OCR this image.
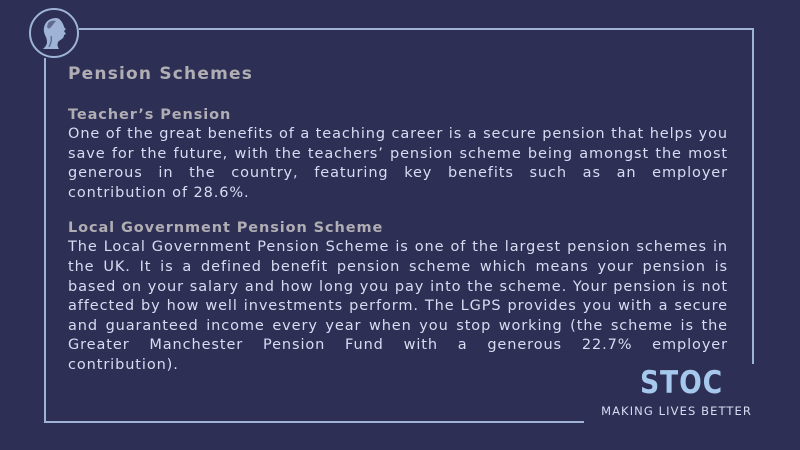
Pension Schemes

Teacher’s Pension

One of the great benefits of a teaching career is a secure pension that helps you save for the future, with the teachers’ pension scheme being amongst the most generous in the country, featuring key benefits such as an employer contribution of 28.6%.

Local Government Pension Scheme

The Local Government Pension Scheme is one of the largest pension schemes in the UK. It is a defined benefit pension scheme which means your pension is based on your salary and how long you pay into the scheme. Your pension is not affected by how well investments perform. The LGPS provides you with a secure and guaranteed income every year when you stop working (the scheme is the Greater Manchester Pension Fund with a generous 22.7% employer contribution).

STOC
MAKING LIVES BETTER
